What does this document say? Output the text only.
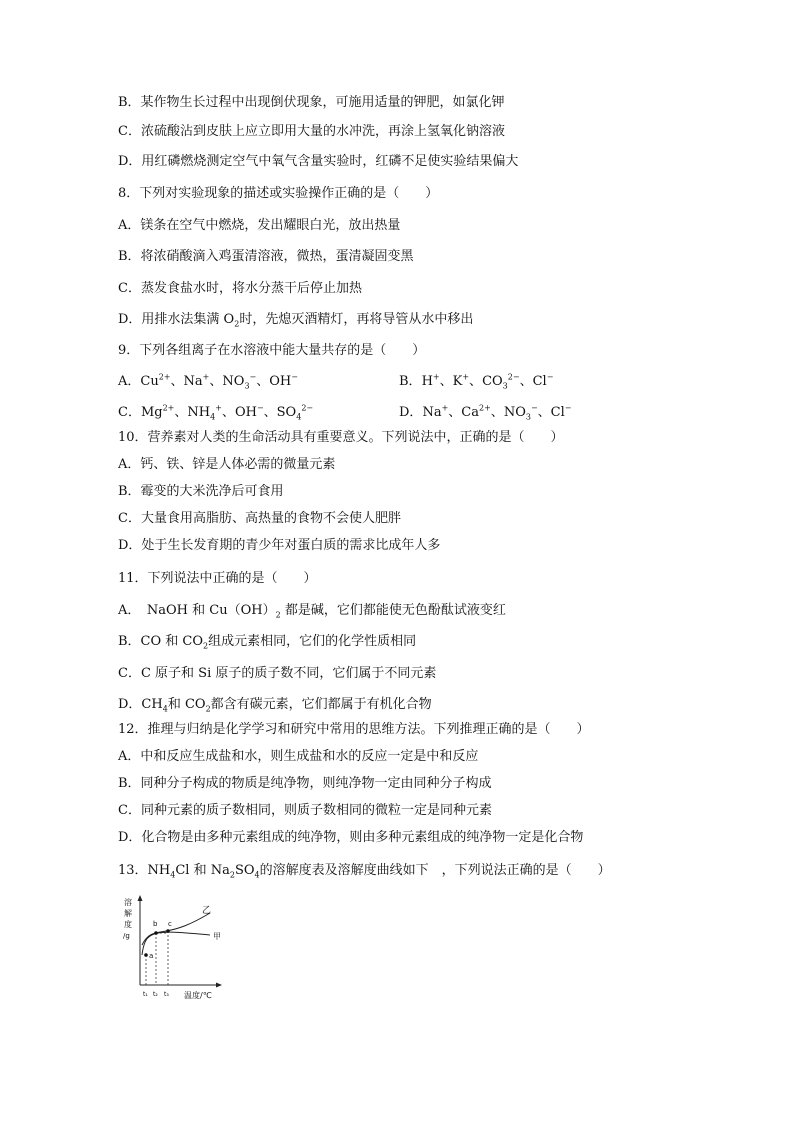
B．某作物生长过程中出现倒伏现象，可施用适量的钾肥，如氯化钾
C．浓硫酸沾到皮肤上应立即用大量的水冲洗，再涂上氢氧化钠溶液
D．用红磷燃烧测定空气中氧气含量实验时，红磷不足使实验结果偏大
8．下列对实验现象的描述或实验操作正确的是（　　）
A．镁条在空气中燃烧，发出耀眼白光，放出热量
B．将浓硝酸滴入鸡蛋清溶液，微热，蛋清凝固变黑
C．蒸发食盐水时，将水分蒸干后停止加热
D．用排水法集满 $O_2$时，先熄灭酒精灯，再将导管从水中移出
9．下列各组离子在水溶液中能大量共存的是（　　）
A．$Cu^{2+}$、Na+、$NO_3^-$、OH−	B．H+、K+、$CO_3^{2-}$、Cl−
C．$Mg^{2+}$、$NH_4^+$、OH−、$SO_4^{2-}$	D．Na+、$Ca^{2+}$、$NO_3^-$、Cl−
10．营养素对人类的生命活动具有重要意义。下列说法中，正确的是（　　）
A．钙、铁、锌是人体必需的微量元素
B．霉变的大米洗净后可食用
C．大量食用高脂肪、高热量的食物不会使人肥胖
D．处于生长发育期的青少年对蛋白质的需求比成年人多
11．下列说法中正确的是（　　）
A．　NaOH 和 $Cu(OH)_2$ 都是碱，它们都能使无色酚酞试液变红
B．CO 和 $CO_2$组成元素相同，它们的化学性质相同
C．C 原子和 Si 原子的质子数不同，它们属于不同元素
D．$CH_4$和 $CO_2$都含有碳元素，它们都属于有机化合物
12．推理与归纳是化学学习和研究中常用的思维方法。下列推理正确的是（　　）
A．中和反应生成盐和水，则生成盐和水的反应一定是中和反应
B．同种分子构成的物质是纯净物，则纯净物一定由同种分子构成
C．同种元素的质子数相同，则质子数相同的微粒一定是同种元素
D．化合物是由多种元素组成的纯净物，则由多种元素组成的纯净物一定是化合物
13．$NH_4Cl$ 和 $Na_2SO_4$的溶解度表及溶解度曲线如下　，下列说法正确的是（　　）
溶
解
度
/g
a
b c
乙
甲
t₁ t₂ t₃ 温度/℃
